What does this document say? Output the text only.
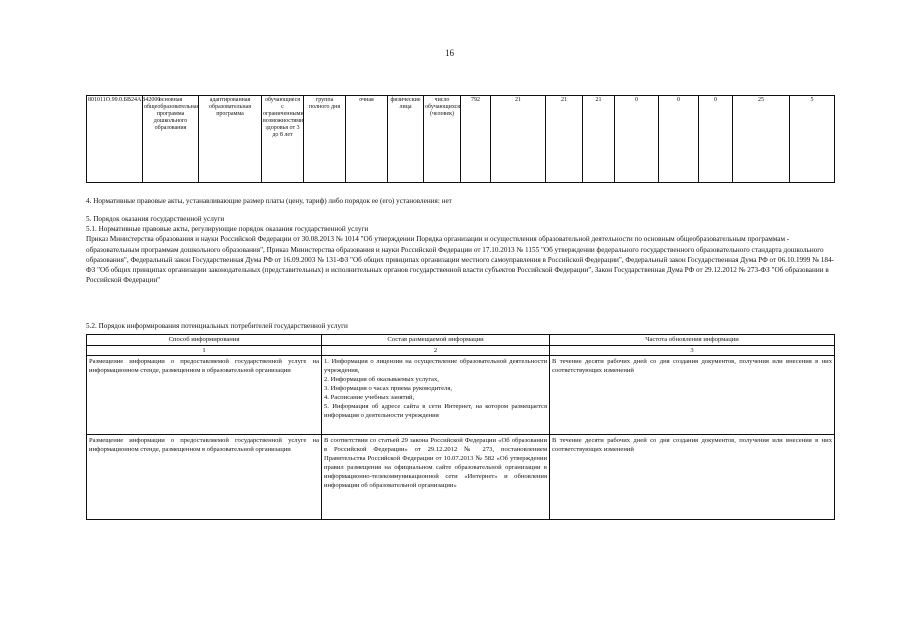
16
801011О.99.0.БВ24АВ42000	основная общеобразовательная программа дошкольного образования	адаптированная образовательная программа	обучающиеся с ограниченными возможностями здоровья от 3 до 8 лет	группа полного дня	очная	физические лица	число обучающихся (человек)	792	21	21	21	0	0	0	25	5
4. Нормативные правовые акты, устанавливающие размер платы (цену, тариф) либо порядок ее (его) установления: нет

5. Порядок оказания государственной услуги

5.1. Нормативные правовые акты, регулирующие порядок оказания государственной услуги

Приказ Министерства образования и науки Российской Федерации от 30.08.2013 № 1014 "Об утверждении Порядка организации и осуществления образовательной деятельности по основным общеобразовательным программам - образовательным программам дошкольного образования", Приказ Министерства образования и науки Российской Федерации от 17.10.2013 № 1155 "Об утверждении федерального государственного образовательного стандарта дошкольного образования", Федеральный закон Государственная Дума РФ от 16.09.2003 № 131-ФЗ "Об общих принципах организации местного самоуправления в Российской Федерации", Федеральный закон Государственная Дума РФ от 06.10.1999 № 184-ФЗ "Об общих принципах организации законодательных (представительных) и исполнительных органов государственной власти субъектов Российской Федерации", Закон Государственная Дума РФ от 29.12.2012 № 273-ФЗ "Об образовании в Российской Федерации"

5.2. Порядок информирования потенциальных потребителей государственной услуги
Способ информирования	Состав размещаемой информации	Частота обновления информации
1	2	3
Размещение информации о предоставляемой государственной услуге на информационном стенде, размещенном в образовательной организации	1. Информация о лицензии на осуществление образовательной деятельности учреждения,
2. Информация об оказываемых услугах,
3. Информация о часах приема руководителя,
4. Расписание учебных занятий,
5. Информация об адресе сайта в сети Интернет, на котором размещается информация о деятельности учреждения	В течение десяти рабочих дней со дня создания документов, получения или внесения в них соответствующих изменений
Размещение информации о предоставляемой государственной услуге на информационном стенде, размещенном в образовательной организации	В соответствии со статьей 29 закона Российской Федерации «Об образовании в Российской Федерации» от 29.12.2012 № 273, постановлением Правительства Российской Федерации от 10.07.2013 № 582 «Об утверждении правил размещения на официальном сайте образовательной организации в информационно-телекоммуникационной сети «Интернет» и обновления информации об образовательной организации»	В течение десяти рабочих дней со дня создания документов, получения или внесения в них соответствующих изменений
